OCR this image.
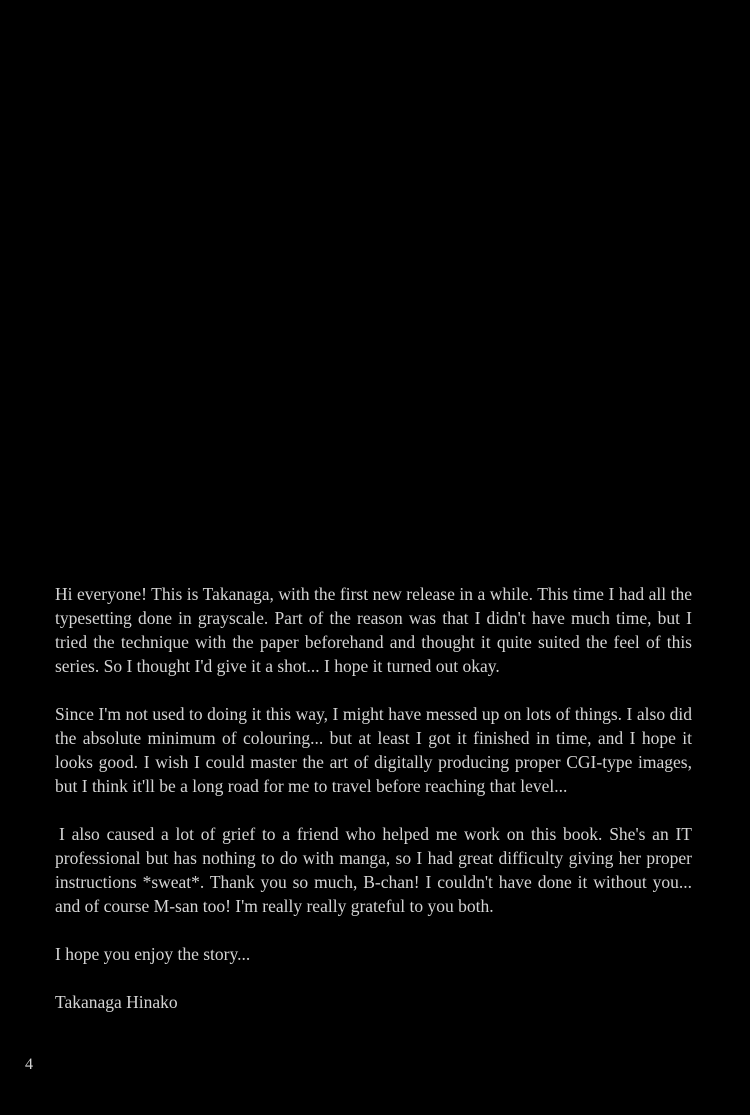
Hi everyone! This is Takanaga, with the first new release in a while. This time I had all the typesetting done in grayscale. Part of the reason was that I didn't have much time, but I tried the technique with the paper beforehand and thought it quite suited the feel of this series. So I thought I'd give it a shot... I hope it turned out okay.

Since I'm not used to doing it this way, I might have messed up on lots of things. I also did the absolute minimum of colouring... but at least I got it finished in time, and I hope it looks good. I wish I could master the art of digitally producing proper CGI-type images, but I think it'll be a long road for me to travel before reaching that level...

I also caused a lot of grief to a friend who helped me work on this book. She's an IT professional but has nothing to do with manga, so I had great difficulty giving her proper instructions *sweat*. Thank you so much, B-chan! I couldn't have done it without you... and of course M-san too! I'm really really grateful to you both.

I hope you enjoy the story...

Takanaga Hinako

4
